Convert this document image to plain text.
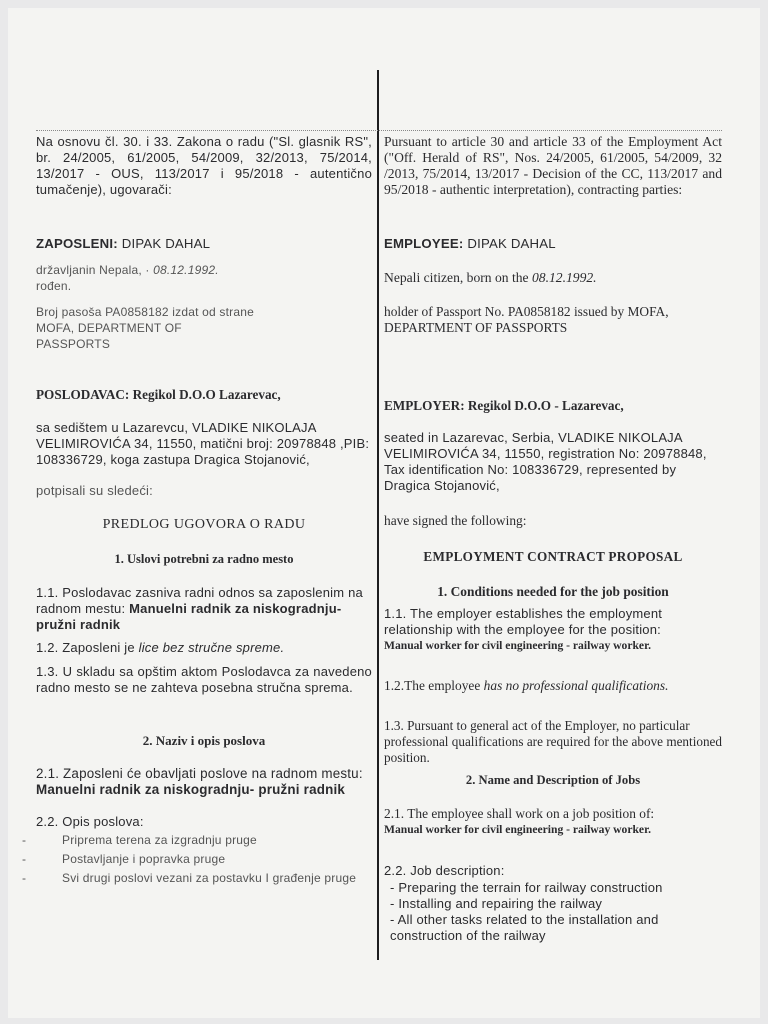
Na osnovu čl. 30. i 33. Zakona o radu ("Sl. glasnik RS", br. 24/2005, 61/2005, 54/2009, 32/2013, 75/2014, 13/2017 - ОUS, 113/2017 i 95/2018 - autentično tumačenje), ugovarači:

ZAPOSLENI: DIPAK DAHAL

državljanin Nepala, · 08.12.1992.

rođen.

Broj pasoša PA0858182 izdat od strane MOFA, DEPARTMENT OF PASSPORTS

POSLODAVAC: Regikol D.O.O Lazarevac,

sa sedištem u Lazarevcu, VLADIKE NIKOLAJA VELIMIROVIĆA 34, 11550, matični broj: 20978848 ,PIB: 108336729, koga zastupa Dragica Stojanović,

potpisali su sledeći:

PREDLOG UGOVORA O RADU

1. Uslovi potrebni za radno mesto

1.1. Poslodavac zasniva radni odnos sa zaposlenim na radnom mestu: Manuelni radnik za niskogradnju-pružni radnik

1.2. Zaposleni je lice bez stručne spreme.

1.3. U skladu sa opštim aktom Poslodavca za navedeno radno mesto se ne zahteva posebna stručna sprema.

2. Naziv i opis poslova

2.1. Zaposleni će obavljati poslove na radnom mestu:

Manuelni radnik za niskogradnju- pružni radnik

2.2. Opis poslova:

- Priprema terena za izgradnju pruge

- Postavljanje i popravka pruge

- Svi drugi poslovi vezani za postavku I građenje pruge

Pursuant to article 30 and article 33 of the Employment Act ("Off. Herald of RS", Nos. 24/2005, 61/2005, 54/2009, 32 /2013, 75/2014, 13/2017 - Decision of the CC, 113/2017 and 95/2018 - authentic interpretation), contracting parties:

EMPLOYEE: DIPAK DAHAL

Nepali citizen, born on the 08.12.1992.

holder of Passport No. PA0858182 issued by MOFA, DEPARTMENT OF PASSPORTS

EMPLOYER: Regikol D.O.O - Lazarevac,

seated in Lazarevac, Serbia, VLADIKE NIKOLAJA VELIMIROVIĆA 34, 11550, registration No: 20978848, Tax identification No: 108336729, represented by Dragica Stojanović,

have signed the following:

EMPLOYMENT CONTRACT PROPOSAL

1. Conditions needed for the job position

1.1. The employer establishes the employment relationship with the employee for the position:

Manual worker for civil engineering - railway worker.

1.2.The employee has no professional qualifications.

1.3. Pursuant to general act of the Employer, no particular professional qualifications are required for the above mentioned position.

2. Name and Description of Jobs

2.1. The employee shall work on a job position of:

Manual worker for civil engineering - railway worker.

2.2. Job description:

- Preparing the terrain for railway construction

- Installing and repairing the railway

- All other tasks related to the installation and construction of the railway
